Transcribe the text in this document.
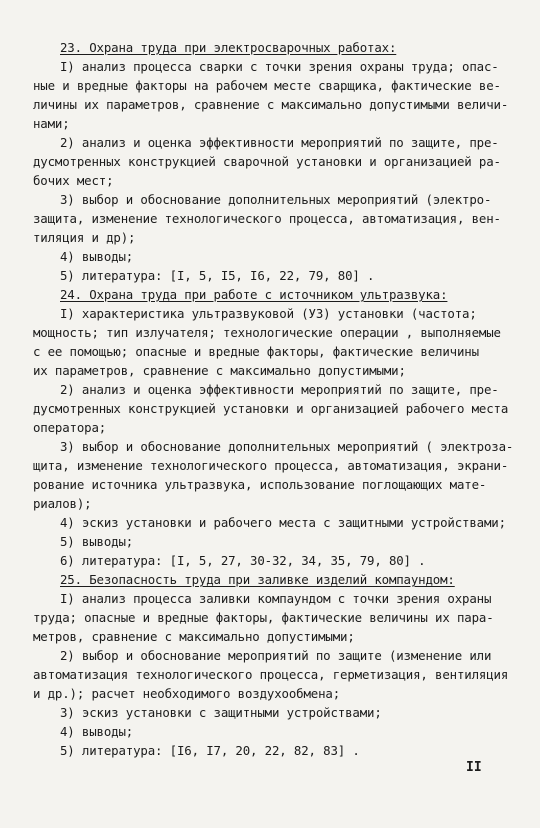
23. Охрана труда при электросварочных работах:
I) анализ процесса сварки с точки зрения охраны труда; опас-
ные и вредные факторы на рабочем месте сварщика, фактические ве-
личины их параметров, сравнение с максимально допустимыми величи-
нами;
2) анализ и оценка эффективности мероприятий по защите, пре-
дусмотренных конструкцией сварочной установки и организацией ра-
бочих мест;
3) выбор и обоснование дополнительных мероприятий (электро-
защита, изменение технологического процесса, автоматизация, вен-
тиляция и др);
4) выводы;
5) литература: [I, 5, I5, I6, 22, 79, 80] .
24. Охрана труда при работе с источником ультразвука:
I) характеристика ультразвуковой (УЗ) установки (частота;
мощность; тип излучателя; технологические операции , выполняемые
с ее помощью; опасные и вредные факторы, фактические величины
их параметров, сравнение с максимально допустимыми;
2) анализ и оценка эффективности мероприятий по защите, пре-
дусмотренных конструкцией установки и организацией рабочего места
оператора;
3) выбор и обоснование дополнительных мероприятий ( электроза-
щита, изменение технологического процесса, автоматизация, экрани-
рование источника ультразвука, использование поглощающих мате-
риалов);
4) эскиз установки и рабочего места с защитными устройствами;
5) выводы;
6) литература: [I, 5, 27, 30-32, 34, 35, 79, 80] .
25. Безопасность труда при заливке изделий компаундом:
I) анализ процесса заливки компаундом с точки зрения охраны
труда; опасные и вредные факторы, фактические величины их пара-
метров, сравнение с максимально допустимыми;
2) выбор и обоснование мероприятий по защите (изменение или
автоматизация технологического процесса, герметизация, вентиляция
и др.); расчет необходимого воздухообмена;
3) эскиз установки с защитными устройствами;
4) выводы;
5) литература: [I6, I7, 20, 22, 82, 83] .
II
